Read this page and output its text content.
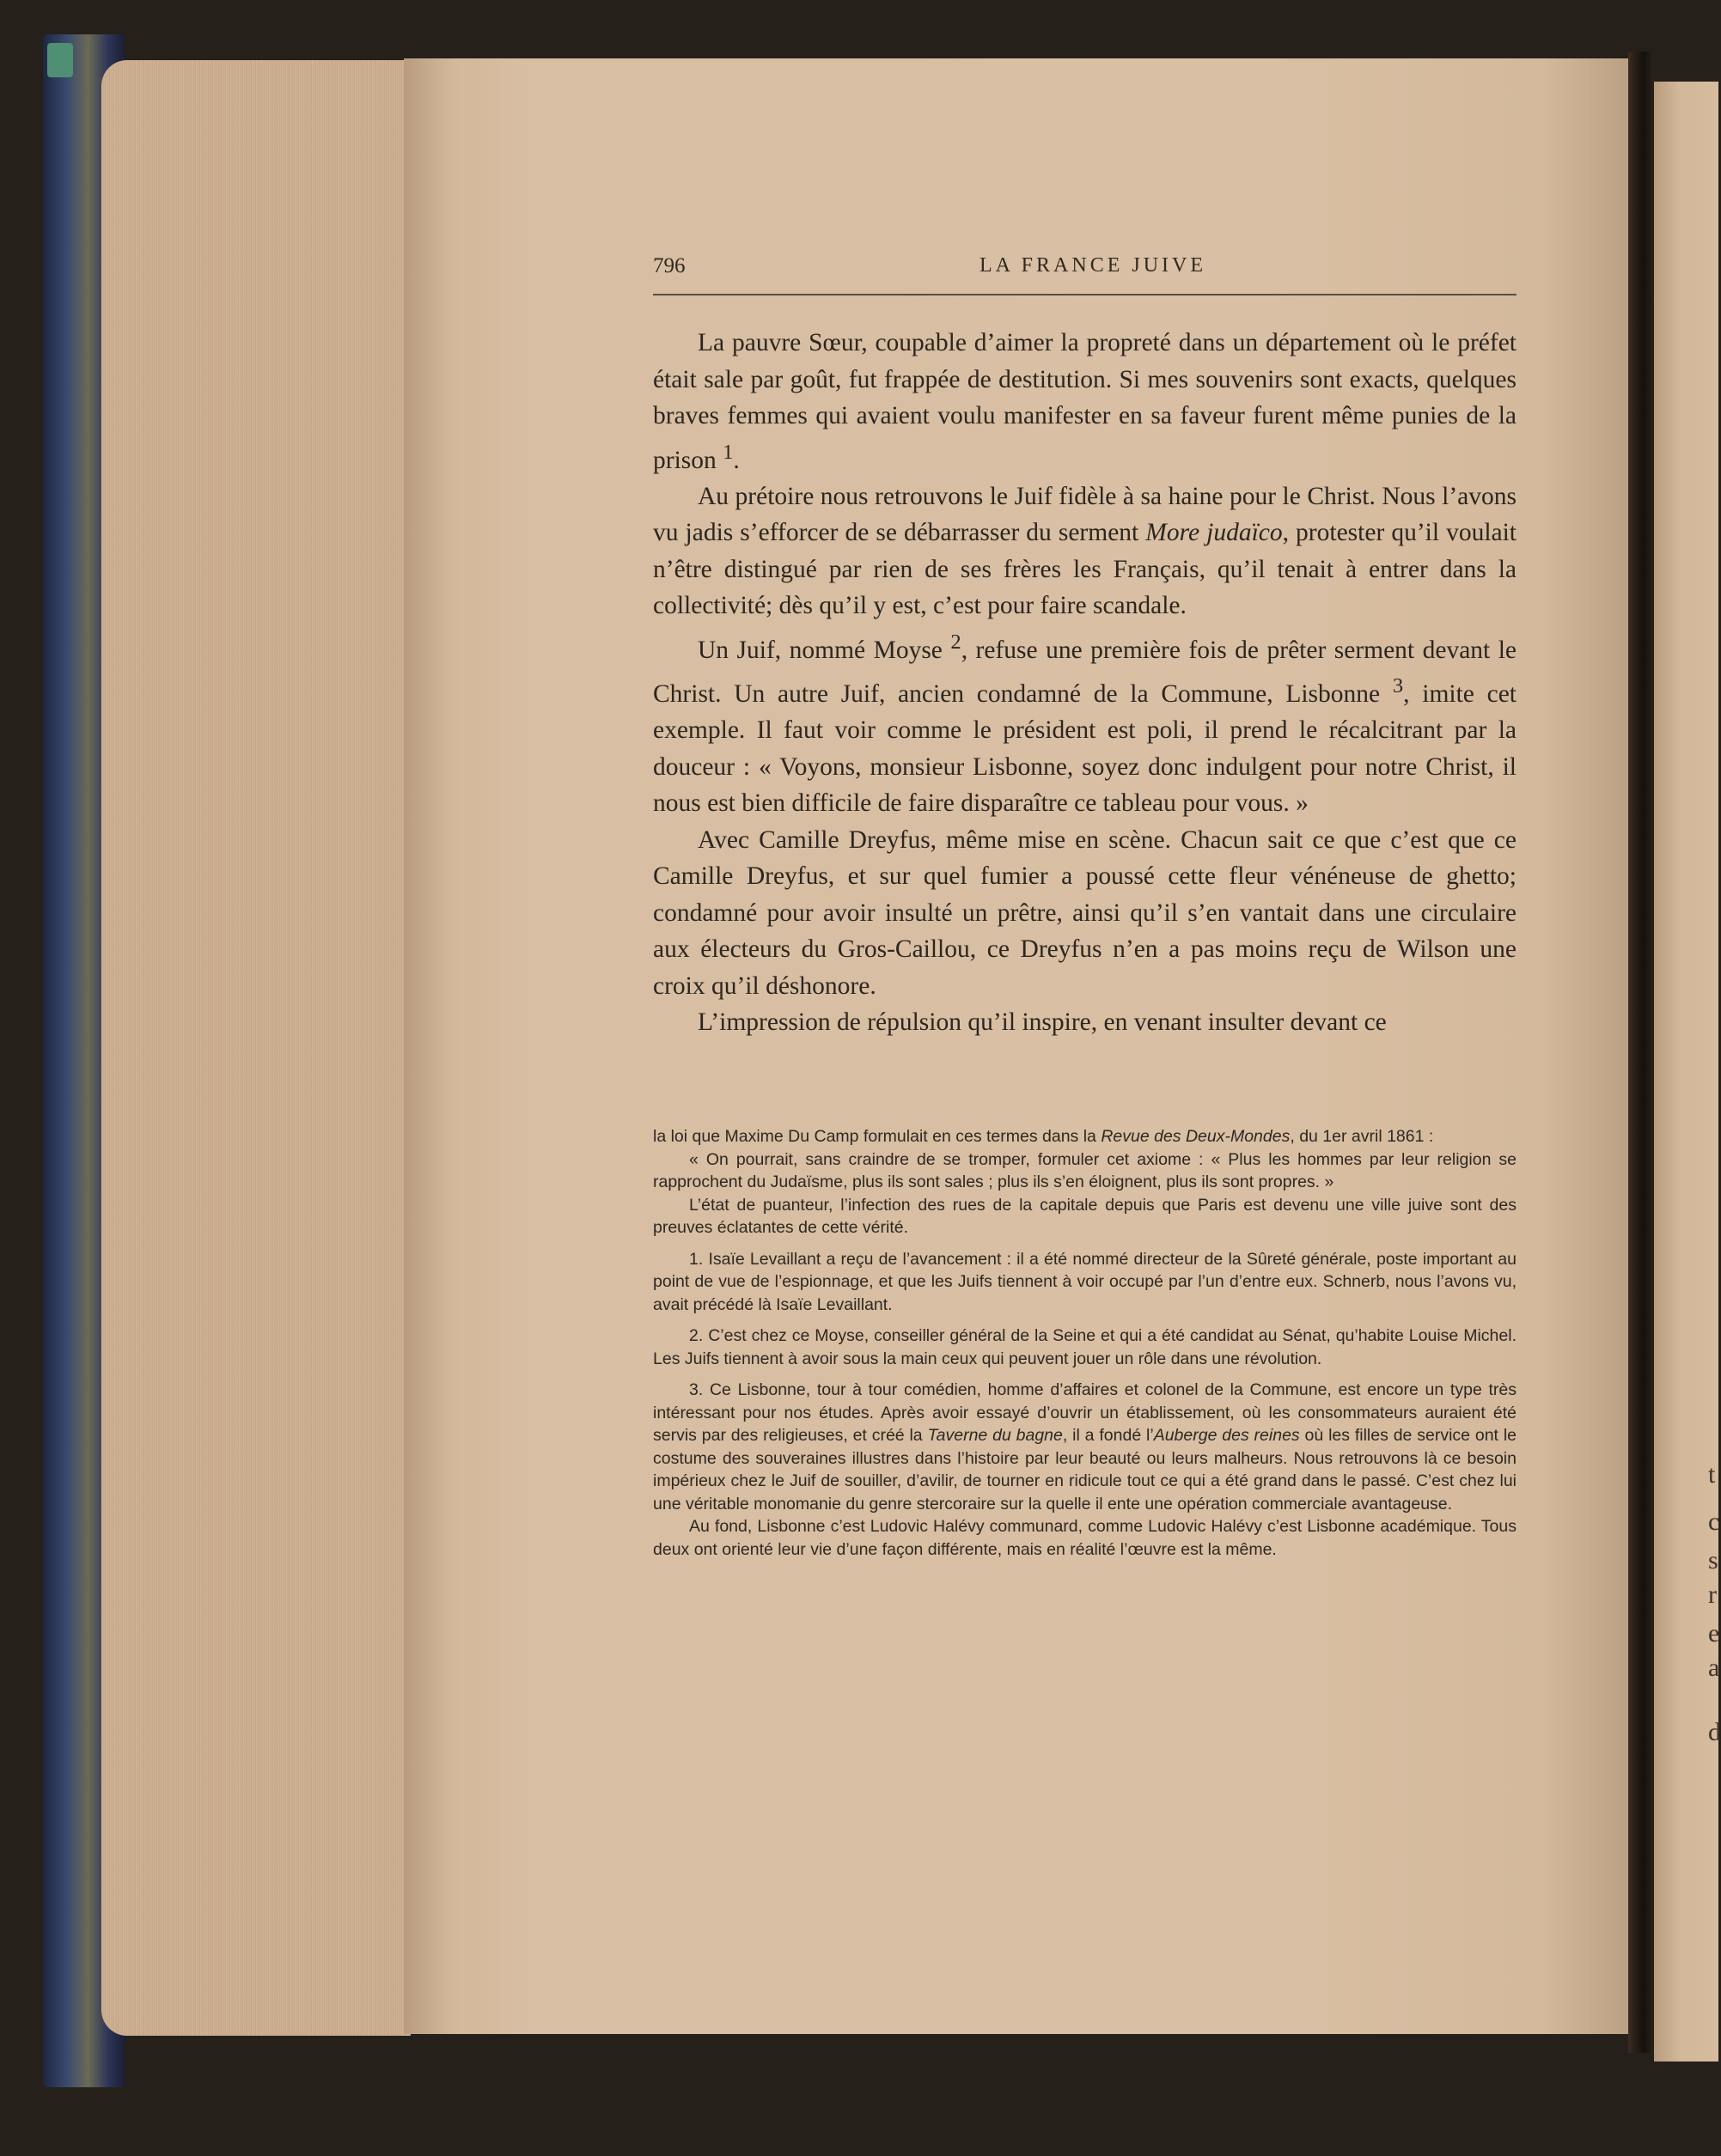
t
c
s
r
e
a
d
796	LA FRANCE JUIVE

La pauvre Sœur, coupable d’aimer la propreté dans un département où le préfet était sale par goût, fut frappée de destitution. Si mes souvenirs sont exacts, quelques braves femmes qui avaient voulu manifester en sa faveur furent même punies de la prison $^1$.

Au prétoire nous retrouvons le Juif fidèle à sa haine pour le Christ. Nous l’avons vu jadis s’efforcer de se débarrasser du serment More judaïco, protester qu’il voulait n’être distingué par rien de ses frères les Français, qu’il tenait à entrer dans la collectivité; dès qu’il y est, c’est pour faire scandale.

Un Juif, nommé Moyse $^2$, refuse une première fois de prêter serment devant le Christ. Un autre Juif, ancien condamné de la Commune, Lisbonne $^3$, imite cet exemple. Il faut voir comme le président est poli, il prend le récalcitrant par la douceur : « Voyons, monsieur Lisbonne, soyez donc indulgent pour notre Christ, il nous est bien difficile de faire disparaître ce tableau pour vous. »

Avec Camille Dreyfus, même mise en scène. Chacun sait ce que c’est que ce Camille Dreyfus, et sur quel fumier a poussé cette fleur vénéneuse de ghetto; condamné pour avoir insulté un prêtre, ainsi qu’il s’en vantait dans une circulaire aux électeurs du Gros-Caillou, ce Dreyfus n’en a pas moins reçu de Wilson une croix qu’il déshonore.

L’impression de répulsion qu’il inspire, en venant insulter devant ce

la loi que Maxime Du Camp formulait en ces termes dans la Revue des Deux-Mondes, du 1er avril 1861 :

« On pourrait, sans craindre de se tromper, formuler cet axiome : « Plus les hommes par leur religion se rapprochent du Judaïsme, plus ils sont sales ; plus ils s’en éloignent, plus ils sont propres. »

L’état de puanteur, l’infection des rues de la capitale depuis que Paris est devenu une ville juive sont des preuves éclatantes de cette vérité.

1. Isaïe Levaillant a reçu de l’avancement : il a été nommé directeur de la Sûreté générale, poste important au point de vue de l’espionnage, et que les Juifs tiennent à voir occupé par l’un d’entre eux. Schnerb, nous l’avons vu, avait précédé là Isaïe Levaillant.

2. C’est chez ce Moyse, conseiller général de la Seine et qui a été candidat au Sénat, qu’habite Louise Michel. Les Juifs tiennent à avoir sous la main ceux qui peuvent jouer un rôle dans une révolution.

3. Ce Lisbonne, tour à tour comédien, homme d’affaires et colonel de la Commune, est encore un type très intéressant pour nos études. Après avoir essayé d’ouvrir un établissement, où les consommateurs auraient été servis par des religieuses, et créé la Taverne du bagne, il a fondé l’Auberge des reines où les filles de service ont le costume des souveraines illustres dans l’histoire par leur beauté ou leurs malheurs. Nous retrouvons là ce besoin impérieux chez le Juif de souiller, d’avilir, de tourner en ridicule tout ce qui a été grand dans le passé. C’est chez lui une véritable monomanie du genre stercoraire sur la quelle il ente une opération commerciale avantageuse.

Au fond, Lisbonne c’est Ludovic Halévy communard, comme Ludovic Halévy c’est Lisbonne académique. Tous deux ont orienté leur vie d’une façon différente, mais en réalité l’œuvre est la même.
